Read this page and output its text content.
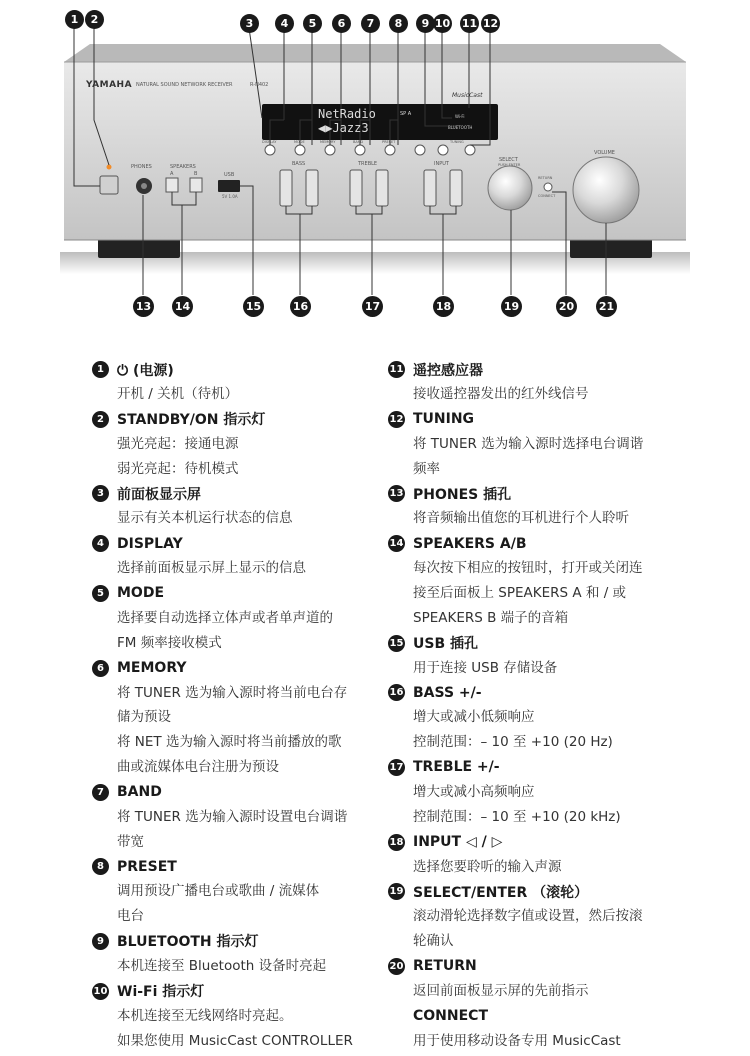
YAMAHA NATURAL SOUND NETWORK RECEIVER	R-N402
MusicCast
NetRadio
◀▶Jazz3
SP A	Wi-Fi
BLUETOOTH
PHONES	SPEAKERS
A	B	USB
5V 1.0A
BASS	TREBLE	INPUT
SELECT
PUSH ENTER
RETURN
CONNECT
VOLUME
DISPLAY	MODE	MEMORY	BAND	PRESET	TUNING
1	2	3	4	5	6	7	8	9 10 11 12
13 14	15	16	17	18	19	20 21
1 ⏻ (电源)
开机 / 关机（待机）
2 STANDBY/ON 指示灯
强光亮起：接通电源
弱光亮起：待机模式
3 前面板显示屏
显示有关本机运行状态的信息
4 DISPLAY
选择前面板显示屏上显示的信息
5 MODE
选择要自动选择立体声或者单声道的
FM 频率接收模式
6 MEMORY
将 TUNER 选为输入源时将当前电台存
储为预设
将 NET 选为输入源时将当前播放的歌
曲或流媒体电台注册为预设
7 BAND
将 TUNER 选为输入源时设置电台调谐
带宽
8 PRESET
调用预设广播电台或歌曲 / 流媒体
电台
9 BLUETOOTH 指示灯
本机连接至 Bluetooth 设备时亮起
10 Wi-Fi 指示灯
本机连接至无线网络时亮起。
如果您使用 MusicCast CONTROLLER
11 遥控感应器
接收遥控器发出的红外线信号
12 TUNING
将 TUNER 选为输入源时选择电台调谐
频率
13 PHONES 插孔
将音频输出值您的耳机进行个人聆听
14 SPEAKERS A/B
每次按下相应的按钮时，打开或关闭连
接至后面板上 SPEAKERS A 和 / 或
SPEAKERS B 端子的音箱
15 USB 插孔
用于连接 USB 存储设备
16 BASS +/-
增大或减小低频响应
控制范围：– 10 至 +10 (20 Hz)
17 TREBLE +/-
增大或减小高频响应
控制范围：– 10 至 +10 (20 kHz)
18 INPUT ◁ / ▷
选择您要聆听的输入声源
19 SELECT/ENTER （滚轮）
滚动滑轮选择数字值或设置，然后按滚
轮确认
20 RETURN
返回前面板显示屏的先前指示
CONNECT
用于使用移动设备专用 MusicCast
